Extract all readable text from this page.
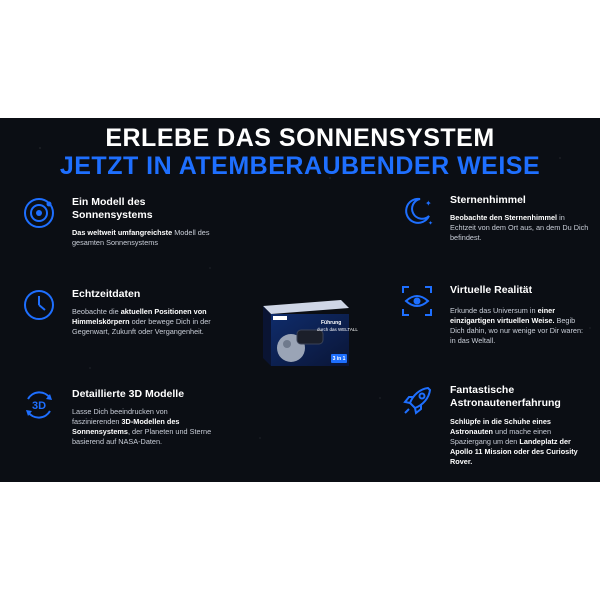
ERLEBE DAS SONNENSYSTEM
JETZT IN ATEMBERAUBENDER WEISE
Ein Modell des Sonnensystems
Das weltweit umfangreichste Modell des gesamten Sonnensystems
Echtzeitdaten
Beobachte die aktuellen Positionen von Himmelskörpern oder bewege Dich in der Gegenwart, Zukunft oder Vergangenheit.
3D
Detaillierte 3D Modelle
Lasse Dich beeindrucken von faszinierenden 3D-Modellen des Sonnensystems, der Planeten und Sterne basierend auf NASA-Daten.
✦
✦
Sternenhimmel
Beobachte den Sternenhimmel in Echtzeit von dem Ort aus, an dem Du Dich befindest.
Virtuelle Realität
Erkunde das Universum in einer einzigartigen virtuellen Weise. Begib Dich dahin, wo nur wenige vor Dir waren: in das Weltall.
Fantastische Astronautenerfahrung
Schlüpfe in die Schuhe eines Astronauten und mache einen Spaziergang um den Landeplatz der Apollo 11 Mission oder des Curiosity Rover.
Führung
durch das WELTALL
3 in 1
